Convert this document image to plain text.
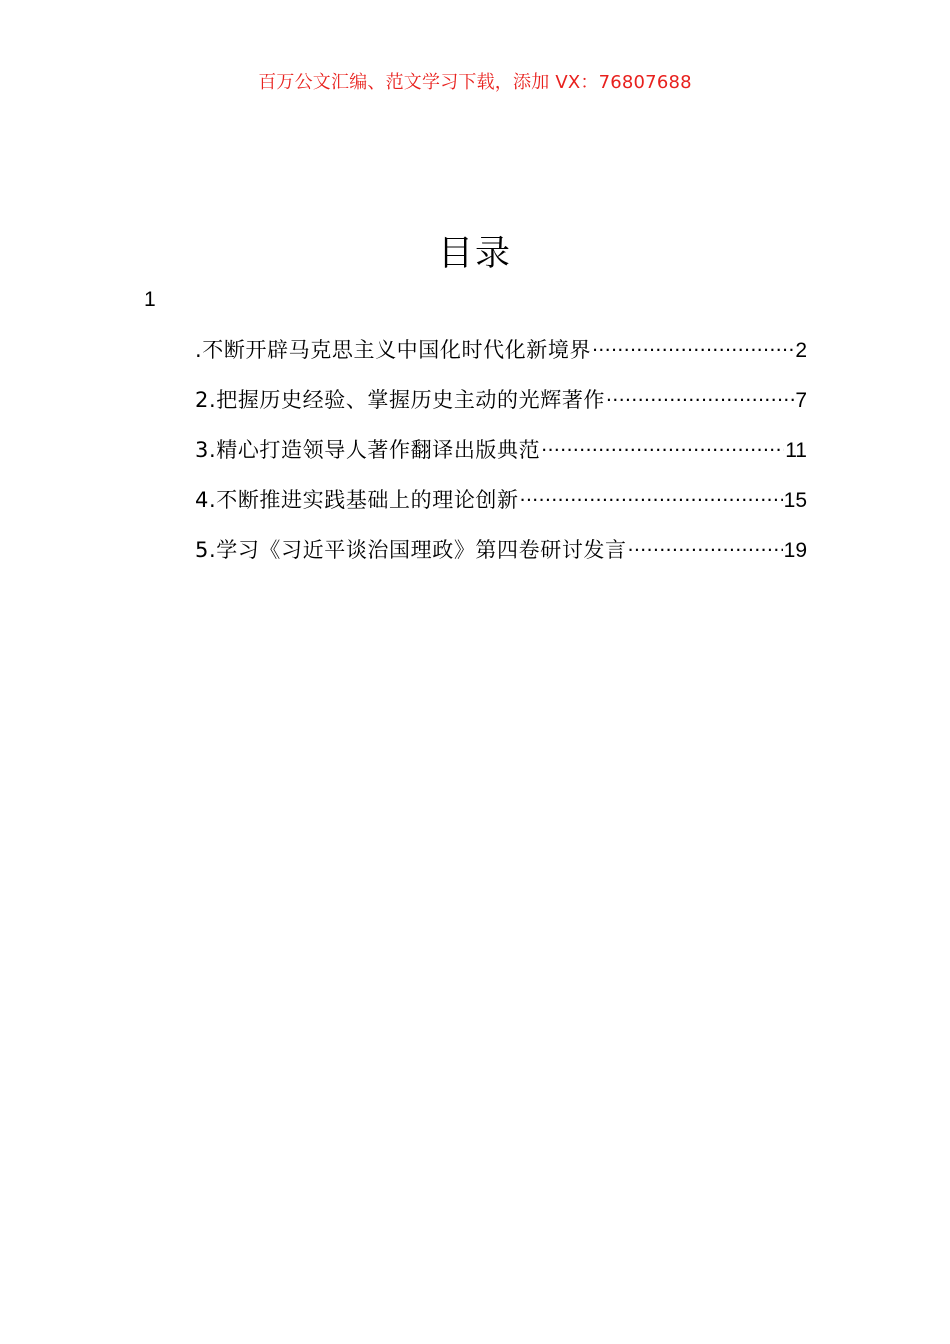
百万公文汇编、范文学习下载，添加 VX：76807688
目录
1
.不断开辟马克思主义中国化时代化新境界 .....	2
2.把握历史经验、掌握历史主动的光辉著作 .....	7
3.精心打造领导人著作翻译出版典范 .....	11
4.不断推进实践基础上的理论创新 .....	15
5.学习《习近平谈治国理政》第四卷研讨发言 .....	19
